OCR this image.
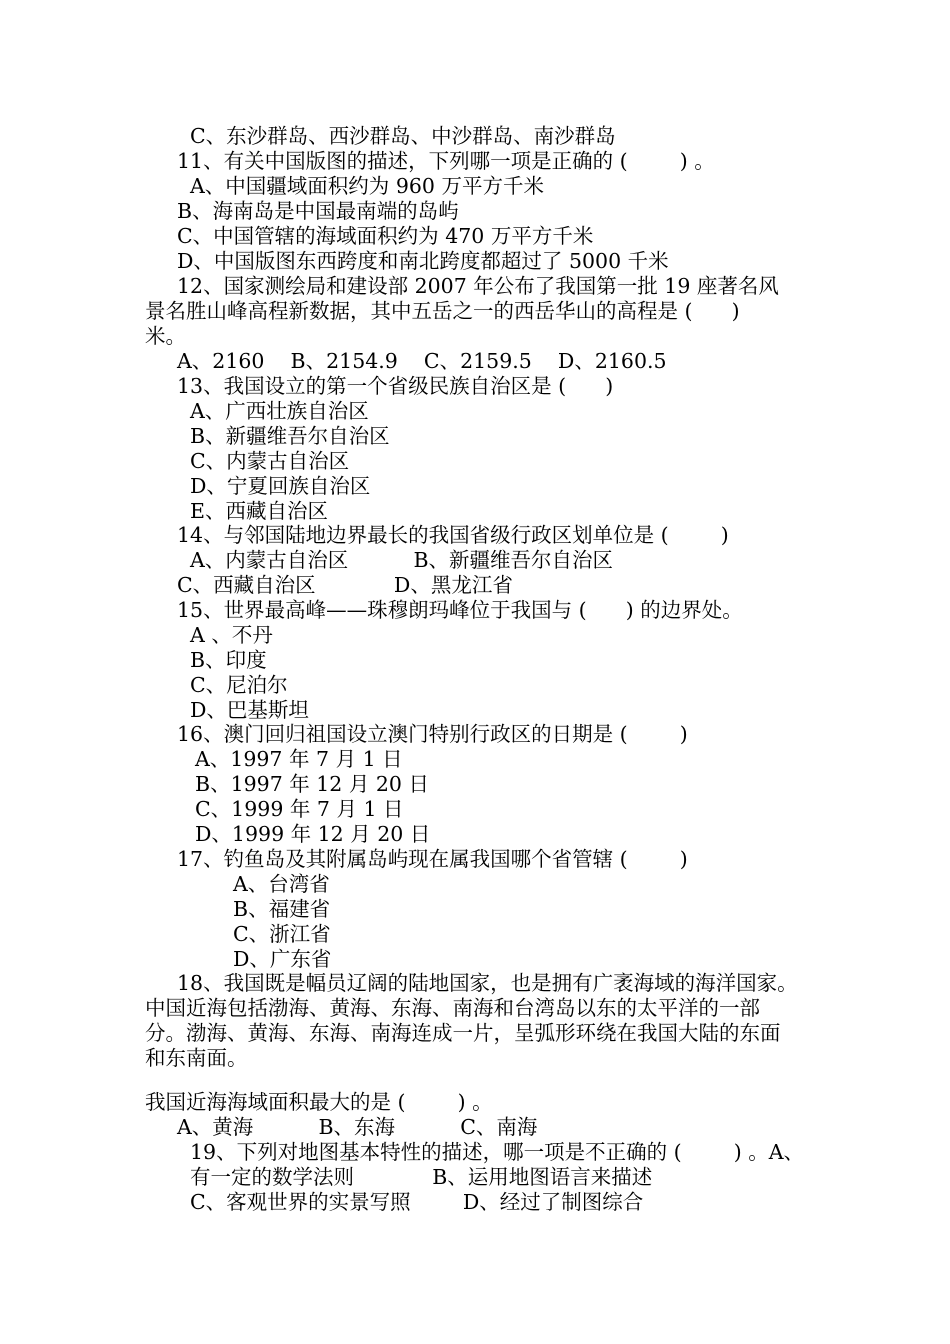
C、东沙群岛、西沙群岛、中沙群岛、南沙群岛
11、有关中国版图的描述，下列哪一项是正确的 (        ) 。
A、中国疆域面积约为 960 万平方千米
B、海南岛是中国最南端的岛屿
C、中国管辖的海域面积约为 470 万平方千米
D、中国版图东西跨度和南北跨度都超过了 5000 千米
12、国家测绘局和建设部 2007 年公布了我国第一批 19 座著名风
景名胜山峰高程新数据，其中五岳之一的西岳华山的高程是 (      )
米。
A、2160    B、2154.9    C、2159.5    D、2160.5
13、我国设立的第一个省级民族自治区是 (      )
A、广西壮族自治区
B、新疆维吾尔自治区
C、内蒙古自治区
D、宁夏回族自治区
E、西藏自治区
14、与邻国陆地边界最长的我国省级行政区划单位是 (        )
A、内蒙古自治区          B、新疆维吾尔自治区
C、西藏自治区            D、黑龙江省
15、世界最高峰——珠穆朗玛峰位于我国与 (      ) 的边界处。
A 、不丹
B、印度
C、尼泊尔
D、巴基斯坦
16、澳门回归祖国设立澳门特别行政区的日期是 (        )
A、1997 年 7 月 1 日
B、1997 年 12 月 20 日
C、1999 年 7 月 1 日
D、1999 年 12 月 20 日
17、钓鱼岛及其附属岛屿现在属我国哪个省管辖 (        )
A、台湾省
B、福建省
C、浙江省
D、广东省
18、我国既是幅员辽阔的陆地国家，也是拥有广袤海域的海洋国家。
中国近海包括渤海、黄海、东海、南海和台湾岛以东的太平洋的一部
分。渤海、黄海、东海、南海连成一片，呈弧形环绕在我国大陆的东面
和东南面。
我国近海海域面积最大的是 (        ) 。
A、黄海          B、东海          C、南海
19、下列对地图基本特性的描述，哪一项是不正确的 (        ) 。A、
有一定的数学法则            B、运用地图语言来描述
C、客观世界的实景写照        D、经过了制图综合
